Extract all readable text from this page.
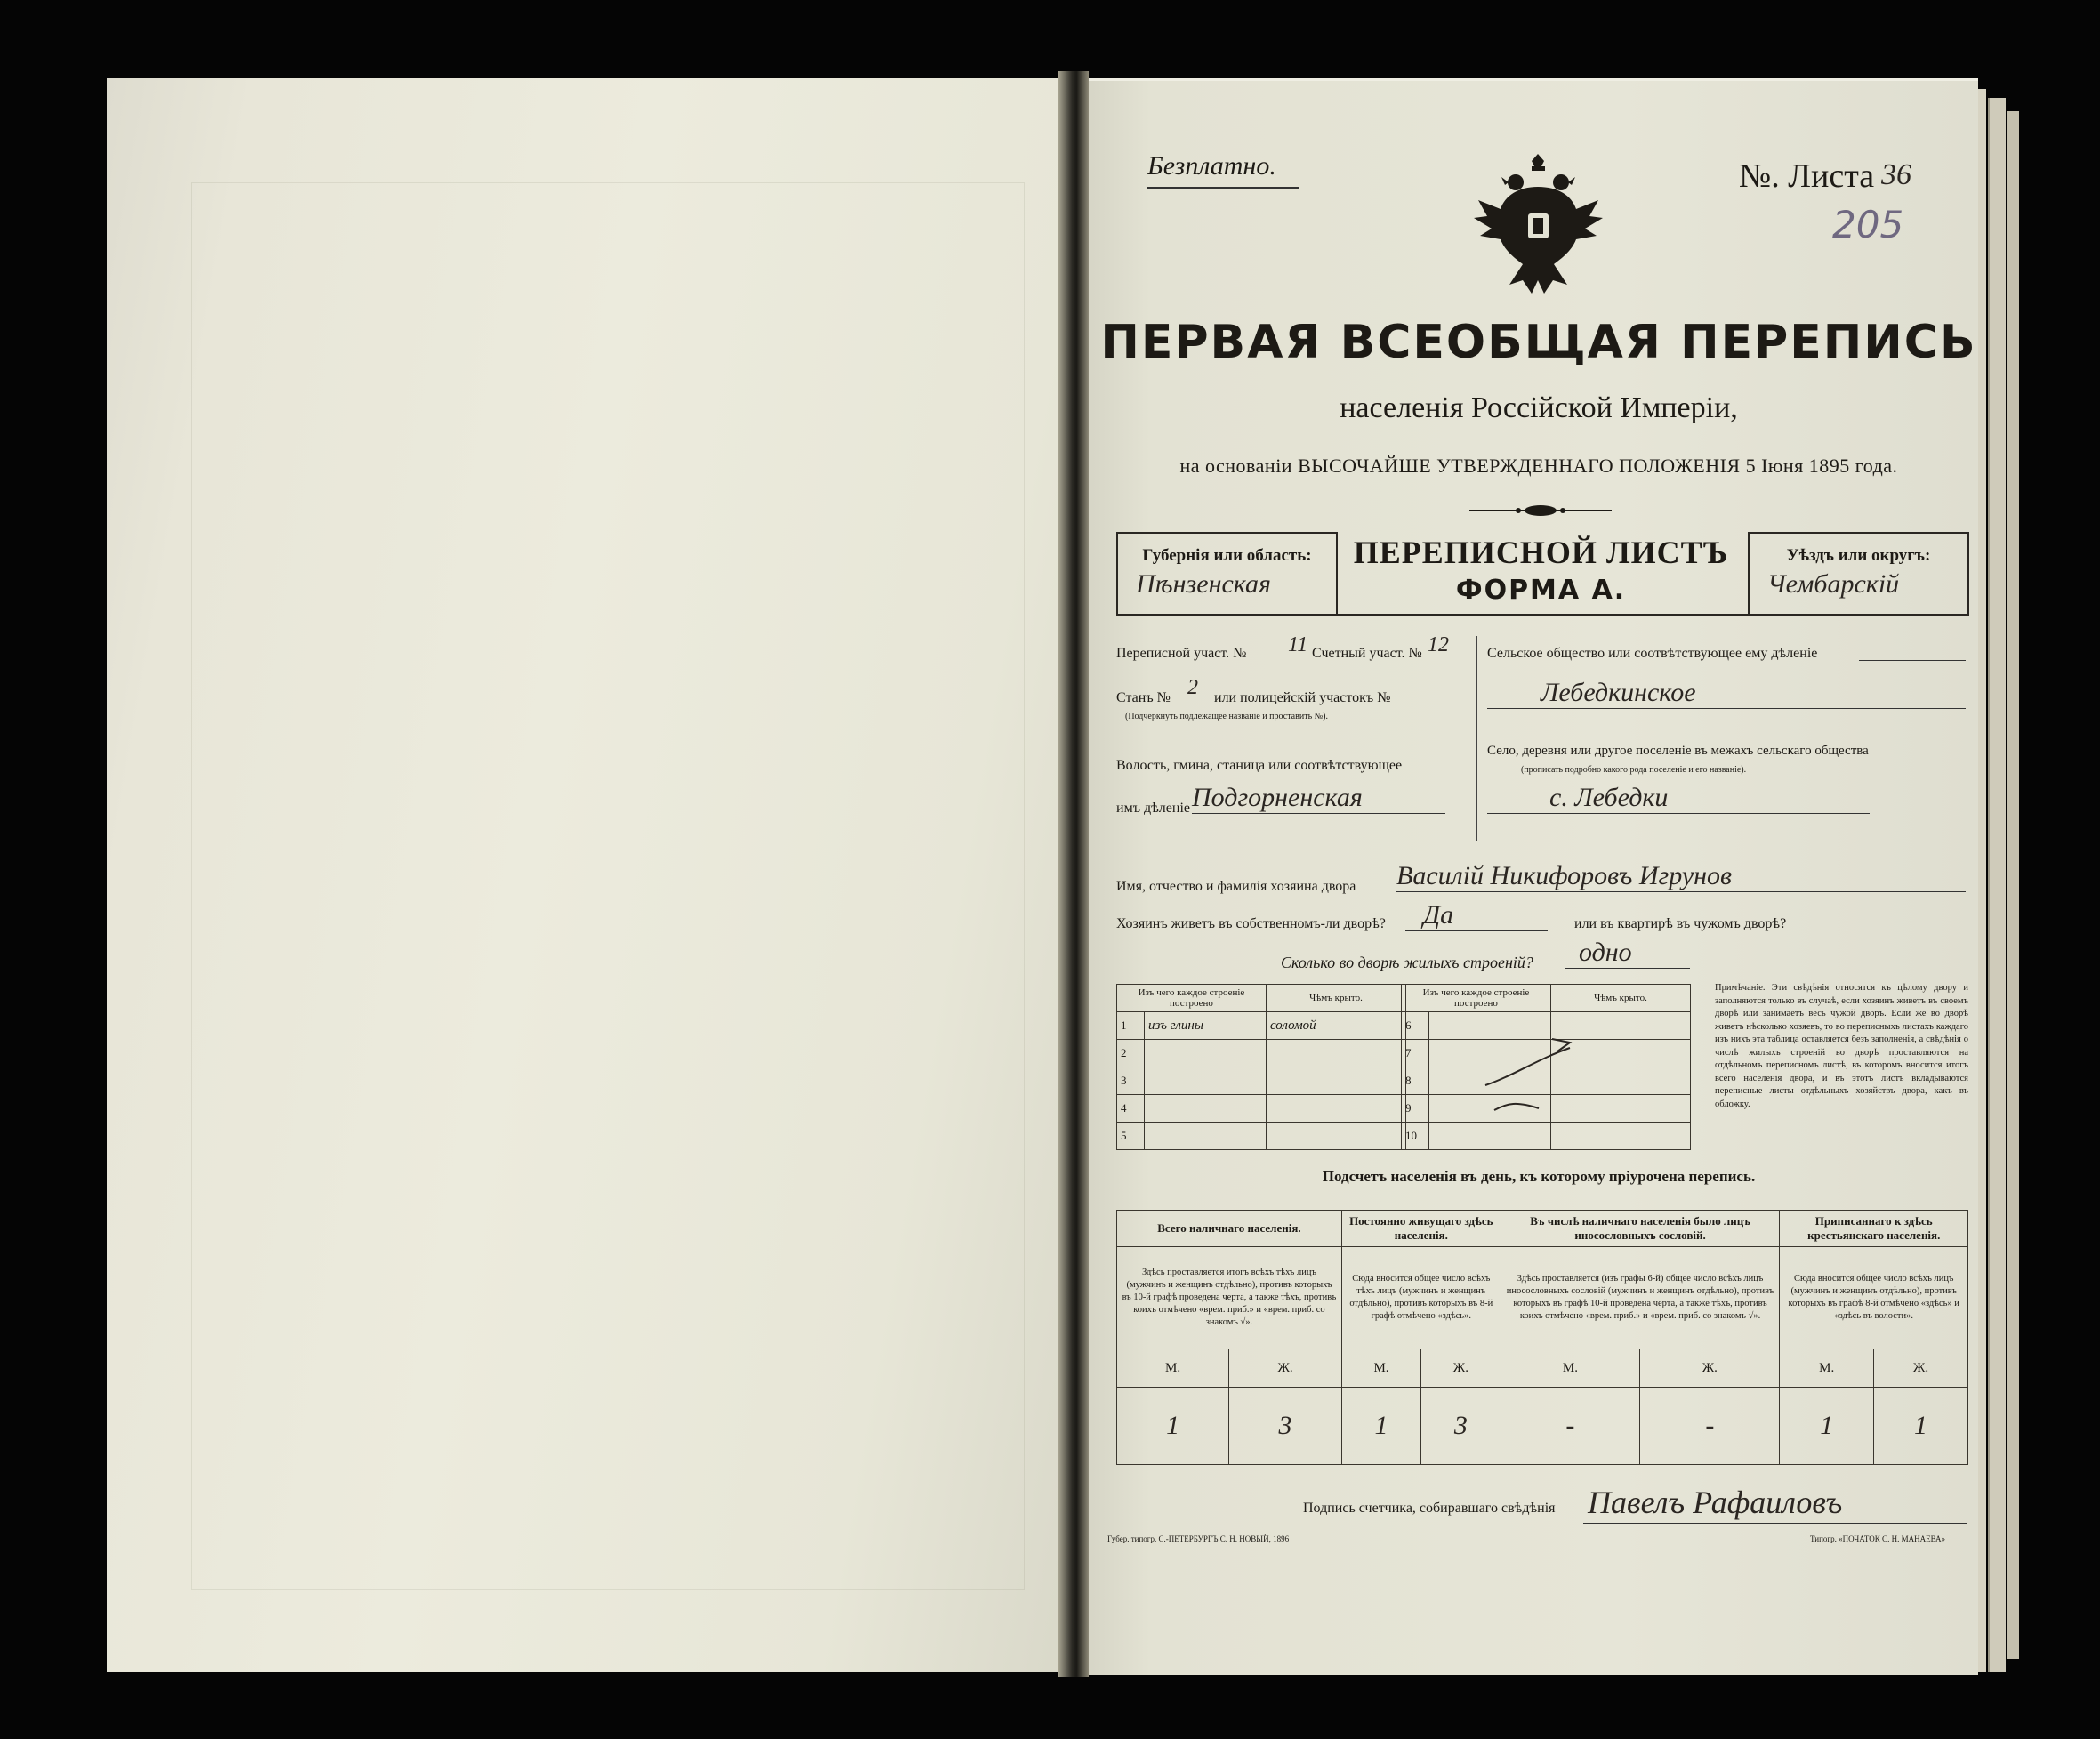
Безплатно.	№. Листа 36
205
ПЕРВАЯ ВСЕОБЩАЯ ПЕРЕПИСЬ
населенія Россійской Имперіи,
на основаніи ВЫСОЧАЙШЕ УТВЕРЖДЕННАГО ПОЛОЖЕНІЯ 5 Іюня 1895 года.
Губернія или область:
Пѣнзенская
ПЕРЕПИСНОЙ ЛИСТЪ
ФОРМА А.
Уѣздъ или округъ:
Чембарскій
Переписной участ. № 11 Счетный участ. № 12
Станъ № 2 или полицейскій участокъ №
(Подчеркнуть подлежащее названіе и проставить №).
Волость, гмина, станица или соотвѣтствующее
имъ дѣленіе Подгорненская
Сельское общество или соотвѣтствующее ему дѣленіе
Лебедкинское
Село, деревня или другое поселеніе въ межахъ сельскаго общества
(прописать подробно какого рода поселеніе и его названіе).
с. Лебедки
Имя, отчество и фамилія хозяина двора Василій Никифоровъ Игрунов
Хозяинъ живетъ въ собственномъ-ли дворѣ?	Да	или въ квартирѣ въ чужомъ дворѣ?
Сколько во дворѣ жилыхъ строеній?	одно
Изъ чего каждое строеніе построено		Чѣмъ крыто.
1	изъ глины	соломой
2		
3		
4		
5		
Изъ чего каждое строеніе построено		Чѣмъ крыто.
6		
7		
8		
9		
10		
Примѣчаніе. Эти свѣдѣнія относятся къ цѣлому двору и заполняются только въ случаѣ, если хозяинъ живетъ въ своемъ дворѣ или занимаетъ весь чужой дворъ. Если же во дворѣ живетъ нѣсколько хозяевъ, то во переписныхъ листахъ каждаго изъ нихъ эта таблица оставляется безъ заполненія, а свѣдѣнія о числѣ жилыхъ строеній во дворѣ проставляются на отдѣльномъ переписномъ листѣ, въ которомъ вносится итогъ всего населенія двора, и въ этотъ листъ вкладываются переписные листы отдѣльныхъ хозяйствъ двора, какъ въ обложку.
Подсчетъ населенія въ день, къ которому пріурочена перепись.
Всего наличнаго населенія.		Постоянно живущаго здѣсь населенія.		Въ числѣ наличнаго населенія было лицъ иносословныхъ сословій.		Приписаннаго к здѣсь крестьянскаго населенія.	
Здѣсь проставляется итогъ всѣхъ тѣхъ лицъ (мужчинъ и женщинъ отдѣльно), противъ которыхъ въ 10-й графѣ проведена черта, а также тѣхъ, противъ коихъ отмѣчено «врем. приб.» и «врем. приб. со знакомъ √».		Сюда вносится общее число всѣхъ тѣхъ лицъ (мужчинъ и женщинъ отдѣльно), противъ которыхъ въ 8-й графѣ отмѣчено «здѣсь».		Здѣсь проставляется (изъ графы 6-й) общее число всѣхъ лицъ иносословныхъ сословій (мужчинъ и женщинъ отдѣльно), противъ которыхъ въ графѣ 10-й проведена черта, а также тѣхъ, противъ коихъ отмѣчено «врем. приб.» и «врем. приб. со знакомъ √».		Сюда вносится общее число всѣхъ лицъ (мужчинъ и женщинъ отдѣльно), противъ которыхъ въ графѣ 8-й отмѣчено «здѣсь» и «здѣсь въ волости».	
М.	Ж.	М.	Ж.	М.	Ж.	М.	Ж.
1	3	1	3	-	-	1	1
Подпись счетчика, собиравшаго свѣдѣнія Павелъ Рафаиловъ
Губер. типогр. С.-ПЕТЕРБУРГЪ С. Н. НОВЫЙ, 1896	Типогр. «ПОЧАТОК С. Н. МАНАЕВА»
